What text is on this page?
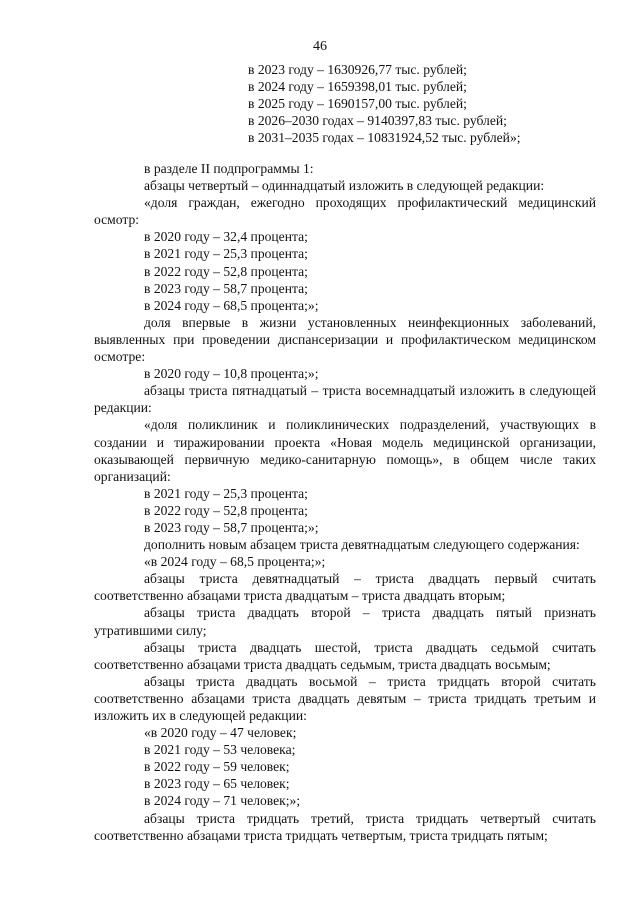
46
в 2023 году – 1630926,77 тыс. рублей;
в 2024 году – 1659398,01 тыс. рублей;
в 2025 году – 1690157,00 тыс. рублей;
в 2026–2030 годах – 9140397,83 тыс. рублей;
в 2031–2035 годах – 10831924,52 тыс. рублей»;

в разделе II подпрограммы 1:

абзацы четвертый – одиннадцатый изложить в следующей редакции:

«доля граждан, ежегодно проходящих профилактический медицинский осмотр:

в 2020 году – 32,4 процента;
в 2021 году – 25,3 процента;
в 2022 году – 52,8 процента;
в 2023 году – 58,7 процента;
в 2024 году – 68,5 процента;»;

доля впервые в жизни установленных неинфекционных заболеваний, выявленных при проведении диспансеризации и профилактическом медицинском осмотре:

в 2020 году – 10,8 процента;»;

абзацы триста пятнадцатый – триста восемнадцатый изложить в следующей редакции:

«доля поликлиник и поликлинических подразделений, участвующих в создании и тиражировании проекта «Новая модель медицинской организации, оказывающей первичную медико-санитарную помощь», в общем числе таких организаций:

в 2021 году – 25,3 процента;
в 2022 году – 52,8 процента;
в 2023 году – 58,7 процента;»;

дополнить новым абзацем триста девятнадцатым следующего содержания:

«в 2024 году – 68,5 процента;»;

абзацы триста девятнадцатый – триста двадцать первый считать соответственно абзацами триста двадцатым – триста двадцать вторым;

абзацы триста двадцать второй – триста двадцать пятый признать утратившими силу;

абзацы триста двадцать шестой, триста двадцать седьмой считать соответственно абзацами триста двадцать седьмым, триста двадцать восьмым;

абзацы триста двадцать восьмой – триста тридцать второй считать соответственно абзацами триста двадцать девятым – триста тридцать третьим и изложить их в следующей редакции:

«в 2020 году – 47 человек;
в 2021 году – 53 человека;
в 2022 году – 59 человек;
в 2023 году – 65 человек;
в 2024 году – 71 человек;»;

абзацы триста тридцать третий, триста тридцать четвертый считать соответственно абзацами триста тридцать четвертым, триста тридцать пятым;
